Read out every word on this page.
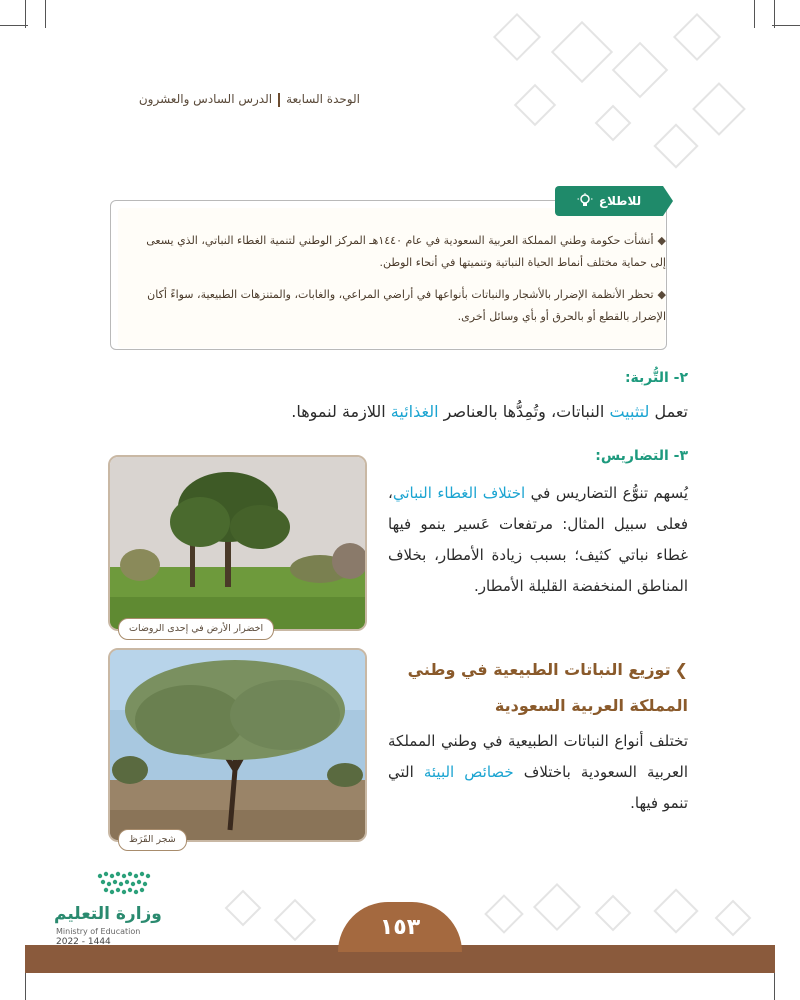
الوحدة السابعةالدرس السادس والعشرون
للاطلاع
◆أنشأت حكومة وطني المملكة العربية السعودية في عام ١٤٤٠هـ المركز الوطني لتنمية الغطاء النباتي، الذي يسعى إلى حماية مختلف أنماط الحياة النباتية وتنميتها في أنحاء الوطن.
◆تحظر الأنظمة الإضرار بالأشجار والنباتات بأنواعها في أراضي المراعي، والغابات، والمتنزهات الطبيعية، سواءً أكان الإضرار بالقطع أو بالحرق أو بأي وسائل أخرى.
٢- التُّربة:
تعمل لتثبيت النباتات، وتُمِدُّها بالعناصر الغذائية اللازمة لنموها.
٣- التضاريس:
يُسهم تنوُّع التضاريس في اختلاف الغطاء النباتي، فعلى سبيل المثال: مرتفعات عَسير ينمو فيها غطاء نباتي كثيف؛ بسبب زيادة الأمطار، بخلاف المناطق المنخفضة القليلة الأمطار.
❯توزيع النباتات الطبيعية في وطني المملكة العربية السعودية
تختلف أنواع النباتات الطبيعية في وطني المملكة العربية السعودية باختلاف خصائص البيئة التي تنمو فيها.
اخضرار الأرض في إحدى الروضات
شجر القَرَظ
١٥٣
وزارة التعليم
Ministry of Education
2022 - 1444
